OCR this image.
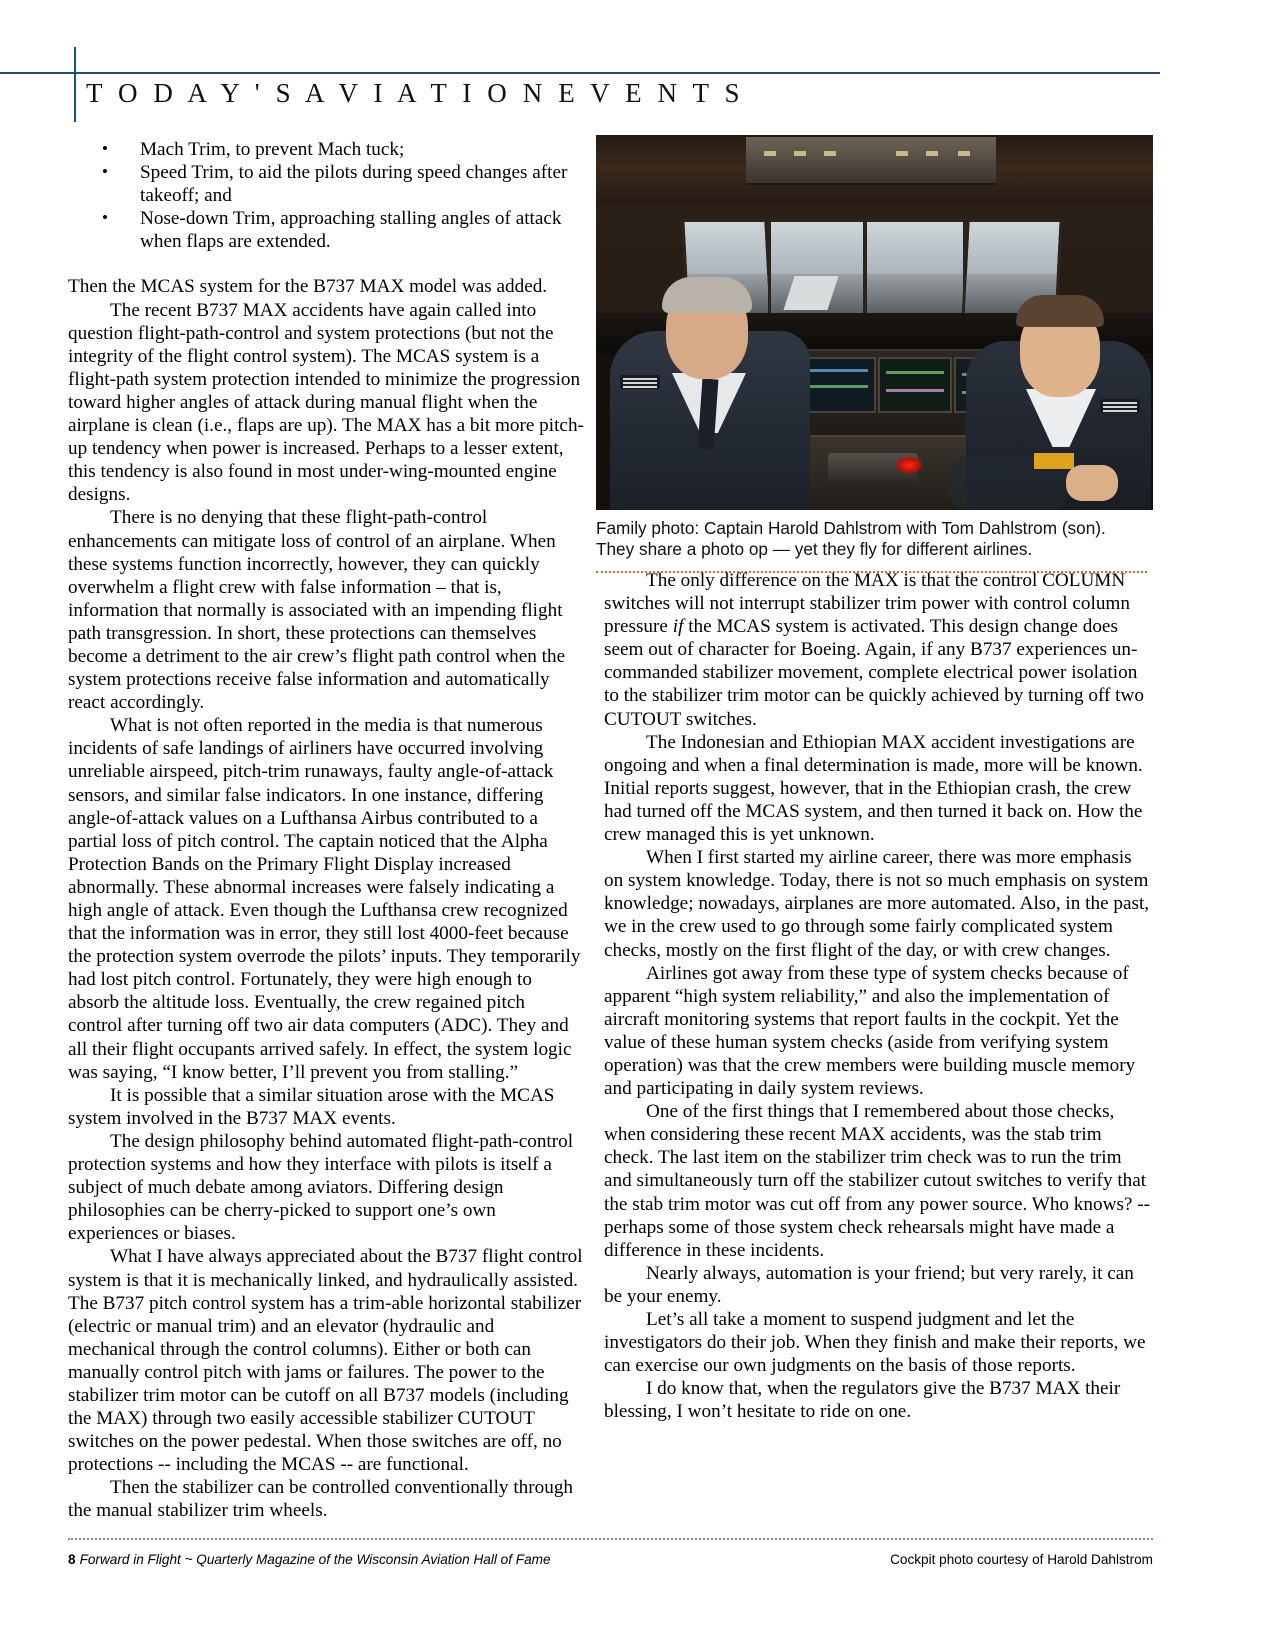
T O D A Y ' S A V I A T I O N E V E N T S
• Mach Trim, to prevent Mach tuck;
• Speed Trim, to aid the pilots during speed changes after takeoff; and
• Nose-down Trim, approaching stalling angles of attack when flaps are extended.

Then the MCAS system for the B737 MAX model was added.

The recent B737 MAX accidents have again called into question flight-path-control and system protections (but not the integrity of the flight control system). The MCAS system is a flight-path system protection intended to minimize the progression toward higher angles of attack during manual flight when the airplane is clean (i.e., flaps are up). The MAX has a bit more pitch-up tendency when power is increased. Perhaps to a lesser extent, this tendency is also found in most under-wing-mounted engine designs.

There is no denying that these flight-path-control enhancements can mitigate loss of control of an airplane. When these systems function incorrectly, however, they can quickly overwhelm a flight crew with false information – that is, information that normally is associated with an impending flight path transgression. In short, these protections can themselves become a detriment to the air crew’s flight path control when the system protections receive false information and automatically react accordingly.

What is not often reported in the media is that numerous incidents of safe landings of airliners have occurred involving unreliable airspeed, pitch-trim runaways, faulty angle-of-attack sensors, and similar false indicators. In one instance, differing angle-of-attack values on a Lufthansa Airbus contributed to a partial loss of pitch control. The captain noticed that the Alpha Protection Bands on the Primary Flight Display increased abnormally. These abnormal increases were falsely indicating a high angle of attack. Even though the Lufthansa crew recognized that the information was in error, they still lost 4000-feet because the protection system overrode the pilots’ inputs. They temporarily had lost pitch control. Fortunately, they were high enough to absorb the altitude loss. Eventually, the crew regained pitch control after turning off two air data computers (ADC). They and all their flight occupants arrived safely. In effect, the system logic was saying, “I know better, I’ll prevent you from stalling.”

It is possible that a similar situation arose with the MCAS system involved in the B737 MAX events.

The design philosophy behind automated flight-path-control protection systems and how they interface with pilots is itself a subject of much debate among aviators. Differing design philosophies can be cherry-picked to support one’s own experiences or biases.

What I have always appreciated about the B737 flight control system is that it is mechanically linked, and hydraulically assisted. The B737 pitch control system has a trim-able horizontal stabilizer (electric or manual trim) and an elevator (hydraulic and mechanical through the control columns). Either or both can manually control pitch with jams or failures. The power to the stabilizer trim motor can be cutoff on all B737 models (including the MAX) through two easily accessible stabilizer CUTOUT switches on the power pedestal. When those switches are off, no protections -- including the MCAS -- are functional.

Then the stabilizer can be controlled conventionally through the manual stabilizer trim wheels.

Family photo: Captain Harold Dahlstrom with Tom Dahlstrom (son). They share a photo op — yet they fly for different airlines.

The only difference on the MAX is that the control COLUMN switches will not interrupt stabilizer trim power with control column pressure if the MCAS system is activated. This design change does seem out of character for Boeing. Again, if any B737 experiences un-commanded stabilizer movement, complete electrical power isolation to the stabilizer trim motor can be quickly achieved by turning off two CUTOUT switches.

The Indonesian and Ethiopian MAX accident investigations are ongoing and when a final determination is made, more will be known. Initial reports suggest, however, that in the Ethiopian crash, the crew had turned off the MCAS system, and then turned it back on. How the crew managed this is yet unknown.

When I first started my airline career, there was more emphasis on system knowledge. Today, there is not so much emphasis on system knowledge; nowadays, airplanes are more automated. Also, in the past, we in the crew used to go through some fairly complicated system checks, mostly on the first flight of the day, or with crew changes.

Airlines got away from these type of system checks because of apparent “high system reliability,” and also the implementation of aircraft monitoring systems that report faults in the cockpit. Yet the value of these human system checks (aside from verifying system operation) was that the crew members were building muscle memory and participating in daily system reviews.

One of the first things that I remembered about those checks, when considering these recent MAX accidents, was the stab trim check. The last item on the stabilizer trim check was to run the trim and simultaneously turn off the stabilizer cutout switches to verify that the stab trim motor was cut off from any power source. Who knows? -- perhaps some of those system check rehearsals might have made a difference in these incidents.

Nearly always, automation is your friend; but very rarely, it can be your enemy.

Let’s all take a moment to suspend judgment and let the investigators do their job. When they finish and make their reports, we can exercise our own judgments on the basis of those reports.

I do know that, when the regulators give the B737 MAX their blessing, I won’t hesitate to ride on one.

8 Forward in Flight ~ Quarterly Magazine of the Wisconsin Aviation Hall of Fame	Cockpit photo courtesy of Harold Dahlstrom
